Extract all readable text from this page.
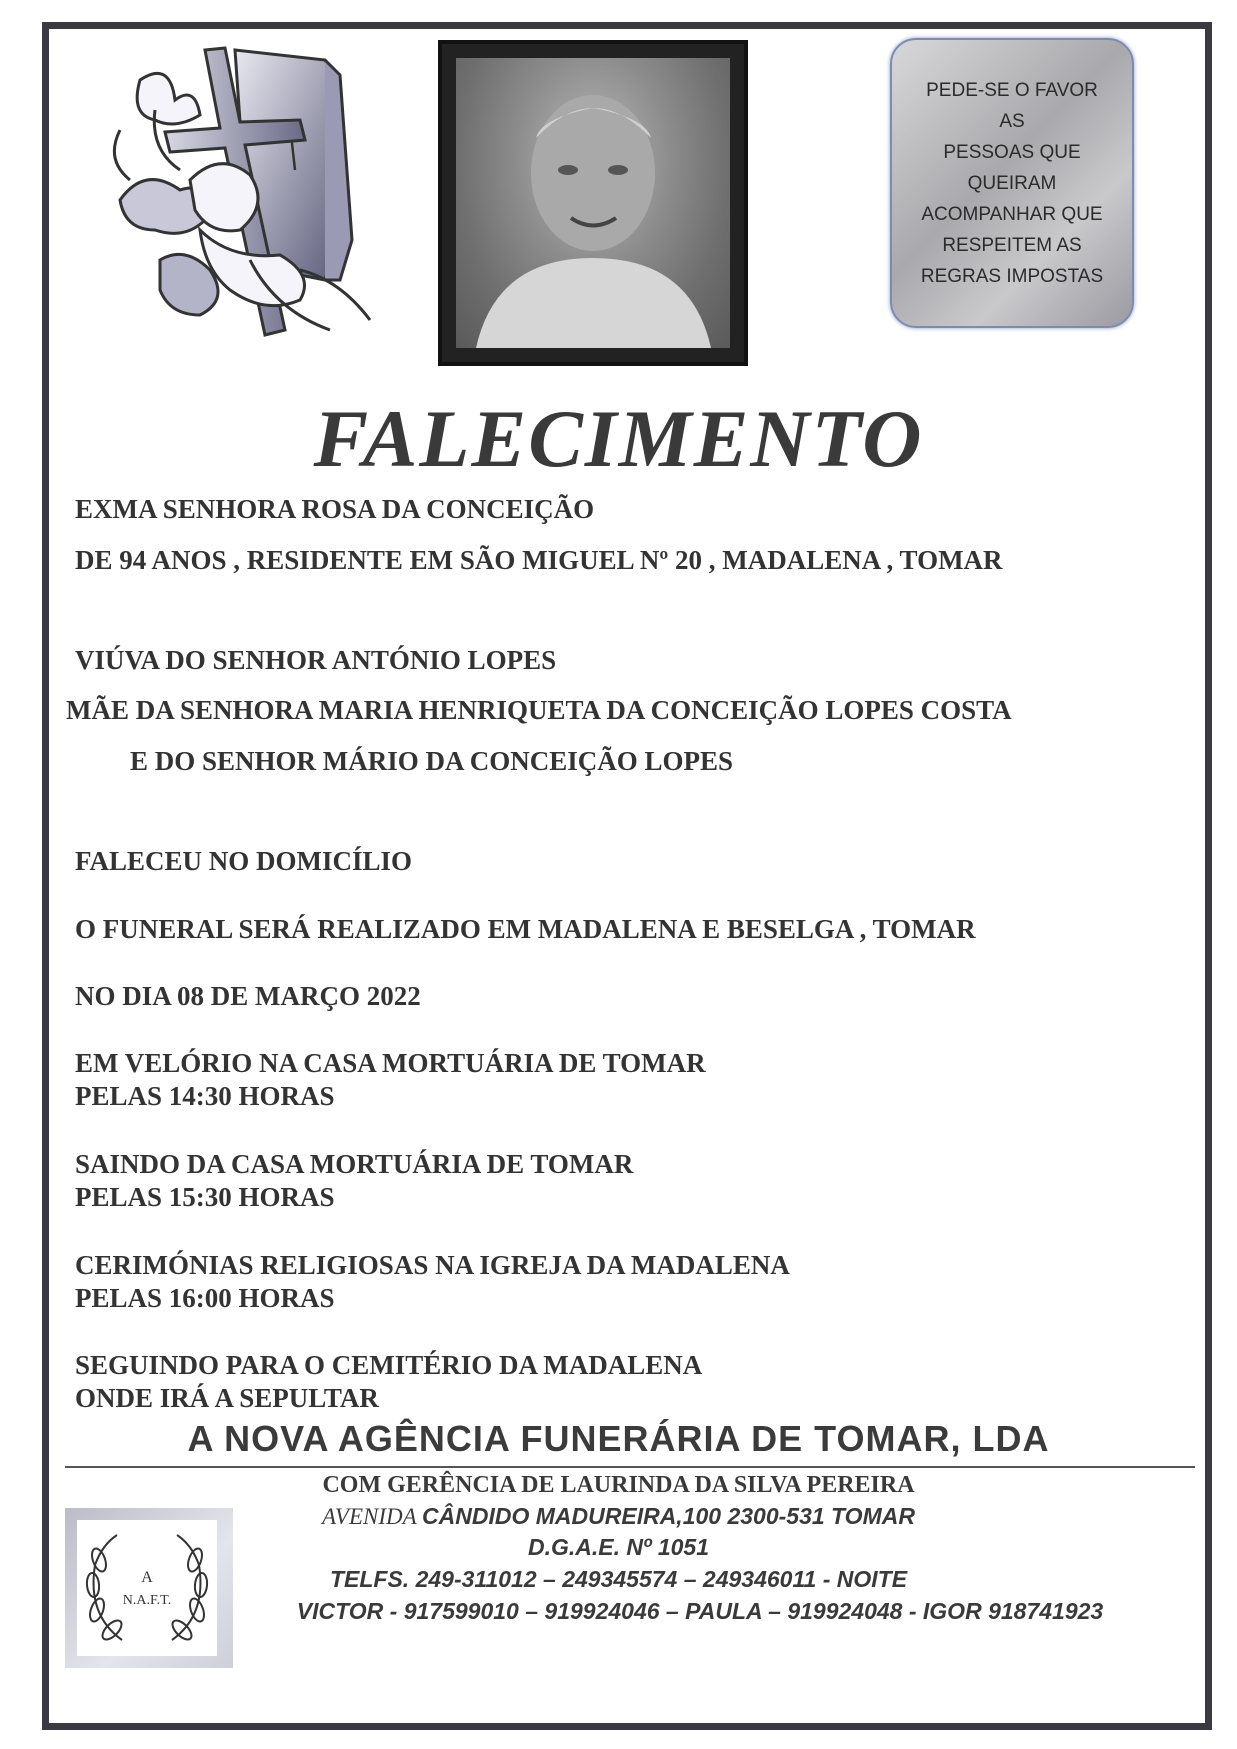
PEDE-SE O FAVOR AS
PESSOAS QUE
QUEIRAM
ACOMPANHAR QUE
RESPEITEM AS
REGRAS IMPOSTAS
FALECIMENTO
EXMA SENHORA ROSA DA CONCEIÇÃO
DE 94 ANOS , RESIDENTE EM SÃO MIGUEL Nº 20 , MADALENA , TOMAR
VIÚVA DO SENHOR ANTÓNIO LOPES
MÃE DA SENHORA MARIA HENRIQUETA DA CONCEIÇÃO LOPES COSTA
E DO SENHOR MÁRIO DA CONCEIÇÃO LOPES
FALECEU NO DOMICÍLIO
O FUNERAL SERÁ REALIZADO EM MADALENA E BESELGA , TOMAR
NO DIA 08 DE MARÇO 2022
EM VELÓRIO NA CASA MORTUÁRIA DE TOMAR
PELAS 14:30 HORAS
SAINDO DA CASA MORTUÁRIA DE TOMAR
PELAS 15:30 HORAS
CERIMÓNIAS RELIGIOSAS NA IGREJA DA MADALENA
PELAS 16:00 HORAS
SEGUINDO PARA O CEMITÉRIO DA MADALENA
ONDE IRÁ A SEPULTAR
A NOVA AGÊNCIA FUNERÁRIA DE TOMAR, LDA
A
N.A.F.T.
COM GERÊNCIA DE LAURINDA DA SILVA PEREIRA
AVENIDA CÂNDIDO MADUREIRA,100 2300-531 TOMAR
D.G.A.E. Nº 1051
TELFS. 249-311012 – 249345574 – 249346011 - NOITE
VICTOR - 917599010 – 919924046 – PAULA – 919924048 - IGOR 918741923
